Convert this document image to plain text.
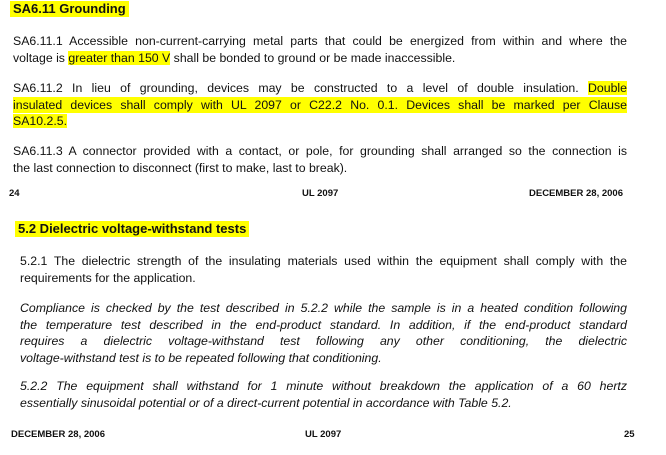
SA6.11 Grounding
SA6.11.1 Accessible non-current-carrying metal parts that could be energized from within and where the
voltage is greater than 150 V shall be bonded to ground or be made inaccessible.
SA6.11.2 In lieu of grounding, devices may be constructed to a level of double insulation. Double
insulated devices shall comply with UL 2097 or C22.2 No. 0.1. Devices shall be marked per Clause
SA10.2.5.
SA6.11.3 A connector provided with a contact, or pole, for grounding shall arranged so the connection is
the last connection to disconnect (first to make, last to break).
24	UL 2097	DECEMBER 28, 2006
5.2 Dielectric voltage-withstand tests
5.2.1 The dielectric strength of the insulating materials used within the equipment shall comply with the
requirements for the application.
Compliance is checked by the test described in 5.2.2 while the sample is in a heated condition following
the temperature test described in the end-product standard. In addition, if the end-product standard
requires a dielectric voltage-withstand test following any other conditioning, the dielectric
voltage-withstand test is to be repeated following that conditioning.
5.2.2 The equipment shall withstand for 1 minute without breakdown the application of a 60 hertz
essentially sinusoidal potential or of a direct-current potential in accordance with Table 5.2.
DECEMBER 28, 2006	UL 2097	25
